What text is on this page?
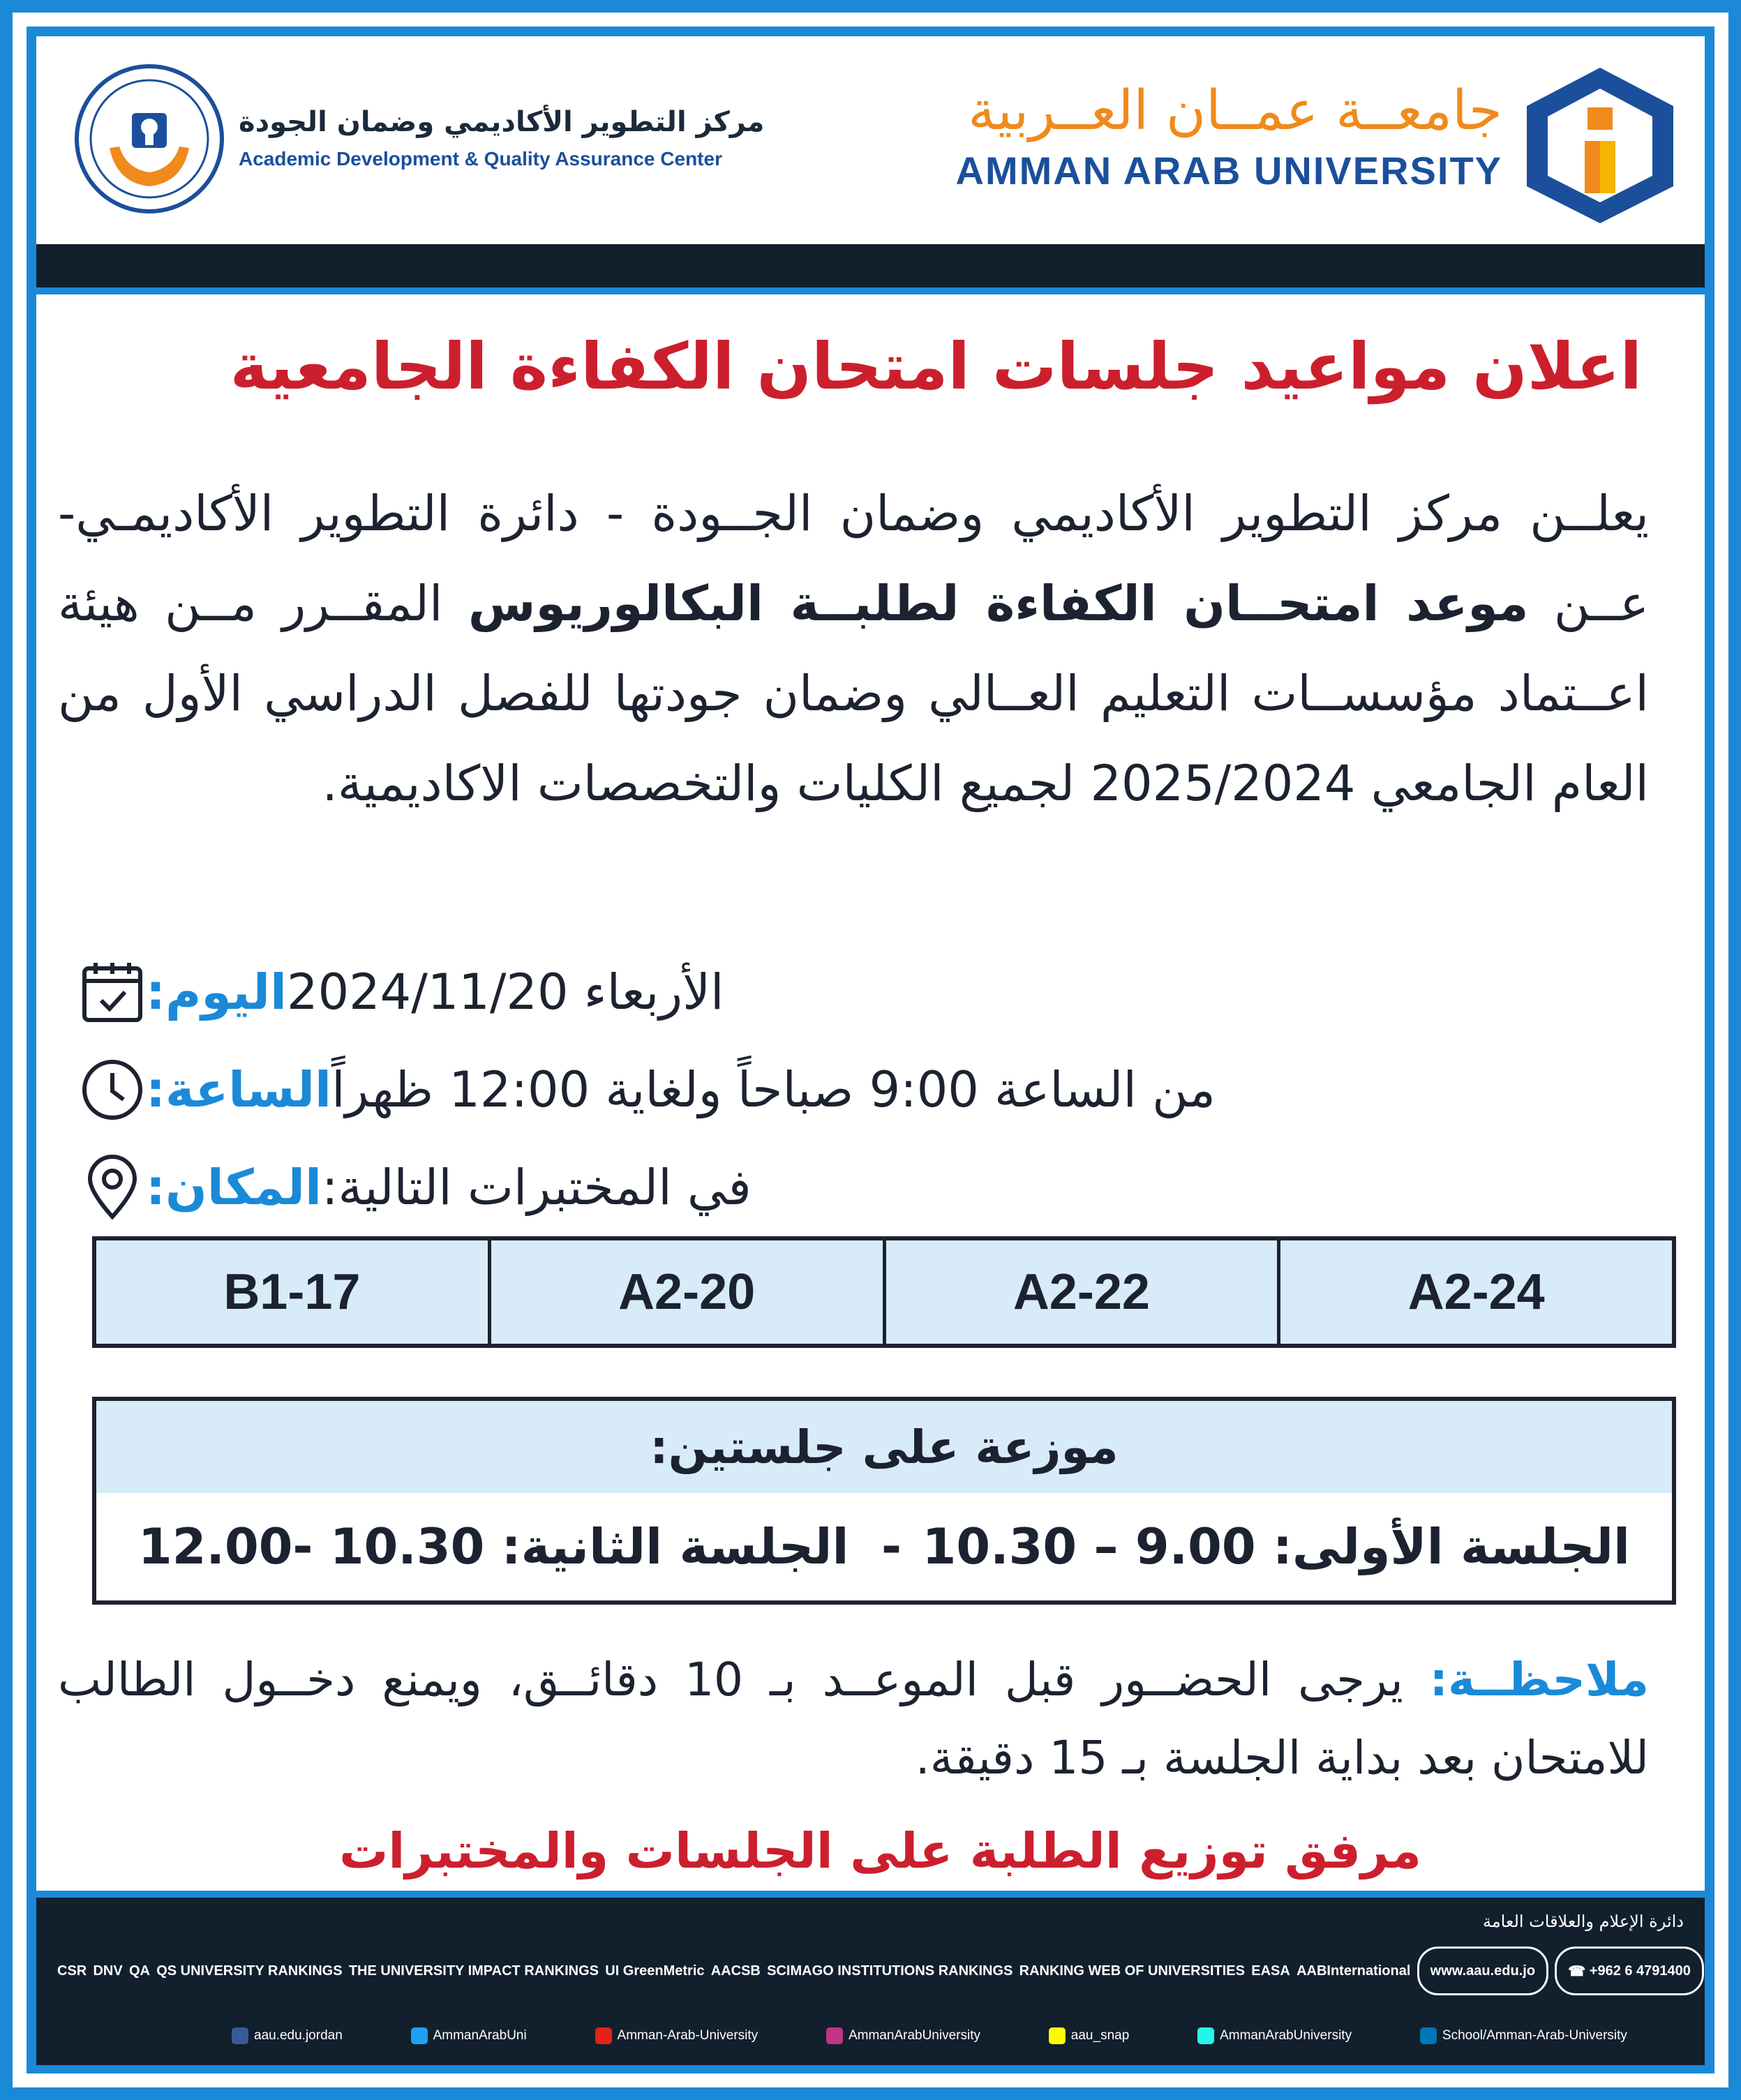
مركز التطوير الأكاديمي وضمان الجودة
Academic Development & Quality Assurance Center
جامعــة عمــان العــربية
AMMAN ARAB UNIVERSITY
اعلان مواعيد جلسات امتحان الكفاءة الجامعية
يعلــن مركز التطوير الأكاديمي وضمان الجــودة - دائرة التطوير الأكاديمـي- عــن موعد امتحــان الكفاءة لطلبــة البكالوريوس المقــرر مــن هيئة اعــتماد مؤسســات التعليم العــالي وضمان جودتها للفصل الدراسي الأول من العام الجامعي 2025/2024 لجميع الكليات والتخصصات الاكاديمية.
اليوم: الأربعاء 2024/11/20
الساعة: من الساعة 9:00 صباحاً ولغاية 12:00 ظهراً
المكان: في المختبرات التالية:
B1-17	A2-20	A2-22	A2-24
موزعة على جلستين:
الجلسة الأولى: 9.00 – 10.30
-
الجلسة الثانية: 10.30 -12.00
ملاحظــة: يرجى الحضــور قبل الموعــد بـ 10 دقائــق، ويمنع دخــول الطالب للامتحان بعد بداية الجلسة بـ 15 دقيقة.
مرفق توزيع الطلبة على الجلسات والمختبرات
دائرة الإعلام والعلاقات العامة
☎ +962 6 4791400
www.aau.edu.jo
AABInternational
EASA
RANKING WEB OF UNIVERSITIES
SCIMAGO INSTITUTIONS RANKINGS
AACSB
UI GreenMetric
THE UNIVERSITY IMPACT RANKINGS
QS UNIVERSITY RANKINGS
QA
DNV
CSR
School/Amman-Arab-University
AmmanArabUniversity
aau_snap
AmmanArabUniversity
Amman-Arab-University
AmmanArabUni
aau.edu.jordan
